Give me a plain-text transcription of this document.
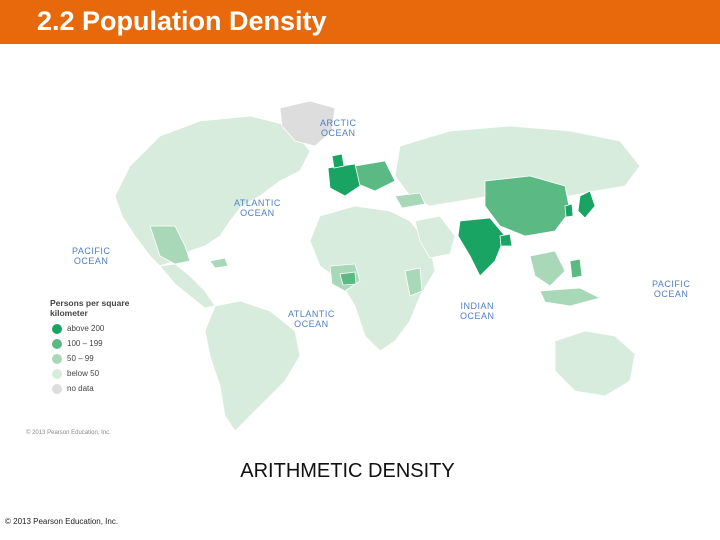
2.2 Population Density
ARCTIC
OCEAN
ATLANTIC
OCEAN
PACIFIC
OCEAN
ATLANTIC
OCEAN
INDIAN
OCEAN
PACIFIC
OCEAN
Persons per square kilometer
above 200
100 – 199
50 – 99
below 50
no data
© 2013 Pearson Education, Inc.
ARITHMETIC DENSITY
© 2013 Pearson Education, Inc.
